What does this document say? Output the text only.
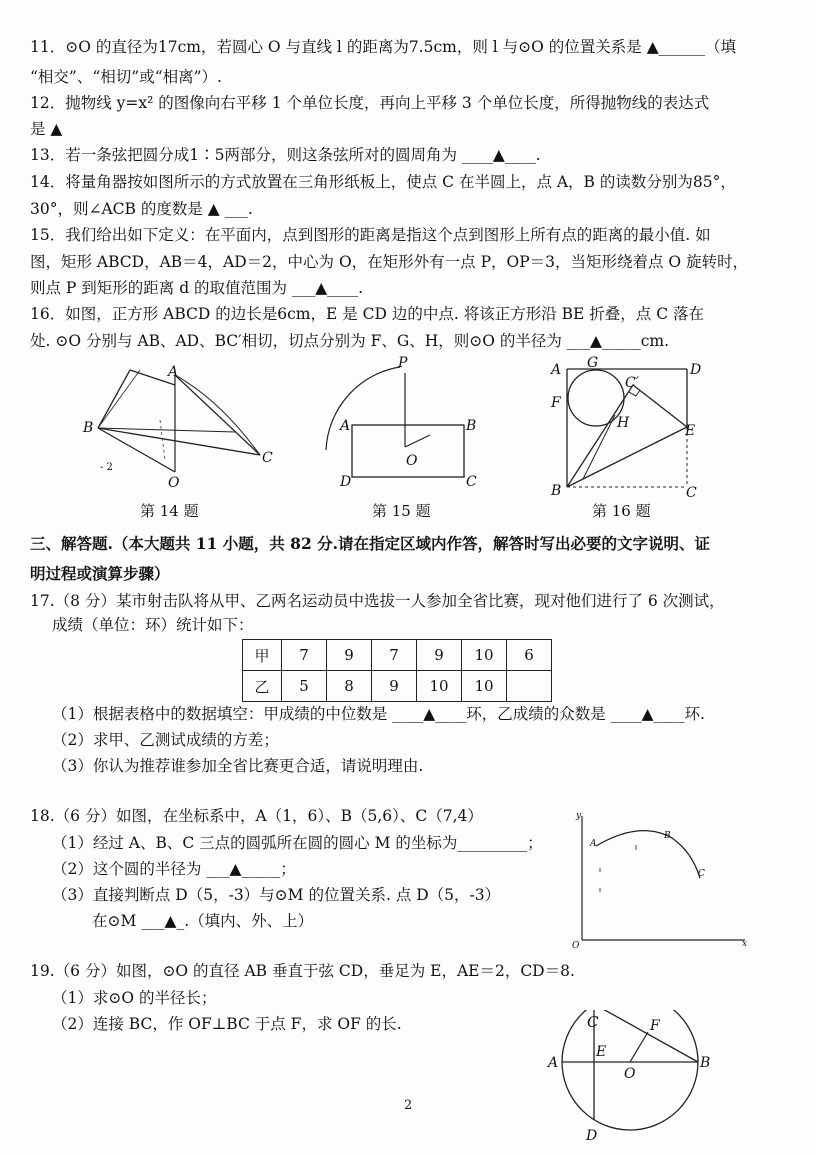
11．⊙O 的直径为17cm，若圆心 O 与直线 l 的距离为7.5cm，则 l 与⊙O 的位置关系是 ▲______（填
“相交”、“相切”或“相离”）.
12．抛物线 y=x² 的图像向右平移 1 个单位长度，再向上平移 3 个单位长度，所得抛物线的表达式
是 ▲
13．若一条弦把圆分成1∶5两部分，则这条弦所对的圆周角为 ____▲____.
14．将量角器按如图所示的方式放置在三角形纸板上，使点 C 在半圆上，点 A，B 的读数分别为85°，
30°，则∠ACB 的度数是 ▲ ___.
15．我们给出如下定义：在平面内，点到图形的距离是指这个点到图形上所有点的距离的最小值. 如
图，矩形 ABCD，AB＝4，AD＝2，中心为 O，在矩形外有一点 P，OP＝3，当矩形绕着点 O 旋转时，
则点 P 到矩形的距离 d 的取值范围为 ___▲____.
16．如图，正方形 ABCD 的边长是6cm，E 是 CD 边的中点. 将该正方形沿 BE 折叠，点 C 落在
处. ⊙O 分别与 AB、AD、BC′相切，切点分别为 F、G、H，则⊙O 的半径为 ___▲_____cm.
A
B
C
O
- 2
第 14 题
P
A	B
C
D
O
第 15 题
A G	D
F
C′
H	E
B	C
第 16 题
三、解答题.（本大题共 11 小题，共 82 分.请在指定区域内作答，解答时写出必要的文字说明、证
明过程或演算步骤）
17.（8 分）某市射击队将从甲、乙两名运动员中选拔一人参加全省比赛，现对他们进行了 6 次测试，
成绩（单位：环）统计如下：
甲	7	9	7	9	10	6
乙	5	8	9	10	10	
（1）根据表格中的数据填空：甲成绩的中位数是 ____▲____环，乙成绩的众数是 ____▲____环.
（2）求甲、乙测试成绩的方差；
（3）你认为推荐谁参加全省比赛更合适，请说明理由.
18.（6 分）如图，在坐标系中，A（1，6）、B（5,6）、C（7,4）
（1）经过 A、B、C 三点的圆弧所在圆的圆心 M 的坐标为_________；
（2）这个圆的半径为 ___▲_____；
（3）直接判断点 D（5，-3）与⊙M 的位置关系. 点 D（5，-3）
在⊙M ___▲_.（填内、外、上）
A
B
C
O	x
y
19.（6 分）如图，⊙O 的直径 AB 垂直于弦 CD，垂足为 E，AE＝2，CD＝8.
（1）求⊙O 的半径长；
（2）连接 BC，作 OF⊥BC 于点 F，求 OF 的长.	F
A
E
O
B
D
C
2
